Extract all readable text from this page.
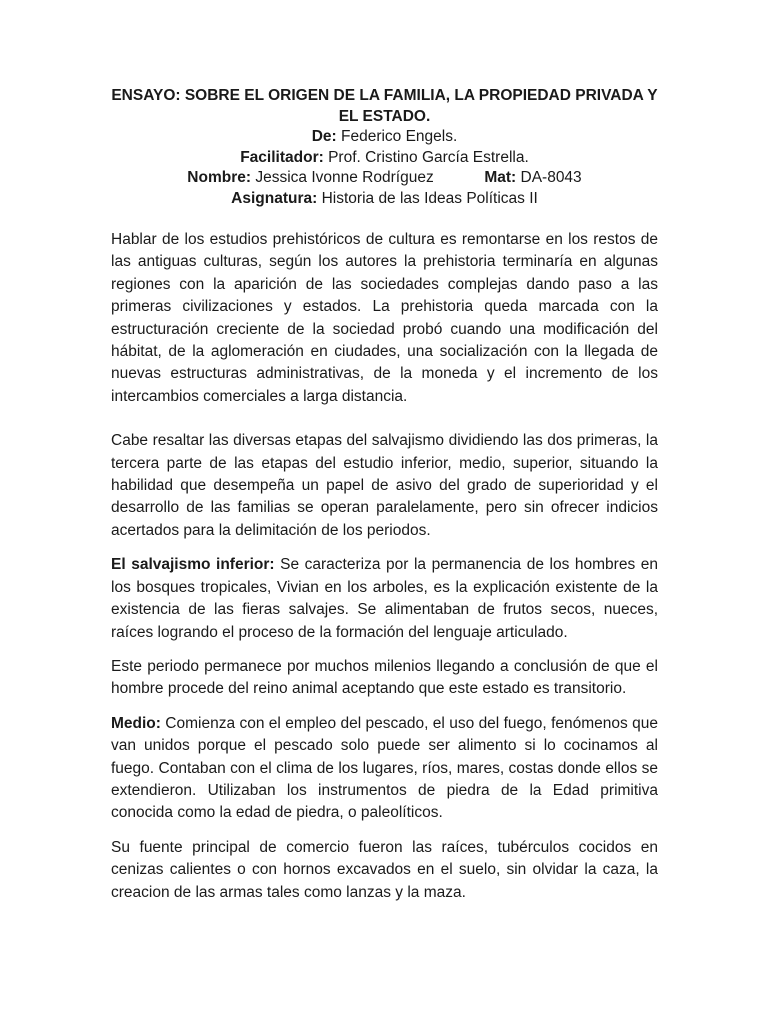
ENSAYO: SOBRE EL ORIGEN DE LA FAMILIA, LA PROPIEDAD PRIVADA Y EL ESTADO.

De: Federico Engels.

Facilitador: Prof. Cristino García Estrella.

Nombre: Jessica Ivonne Rodríguez	Mat: DA-8043

Asignatura: Historia de las Ideas Políticas II

Hablar de los estudios prehistóricos de cultura es remontarse en los restos de las antiguas culturas, según los autores la prehistoria terminaría en algunas regiones con la aparición de las sociedades complejas dando paso a las primeras civilizaciones y estados. La prehistoria queda marcada con la estructuración creciente de la sociedad probó cuando una modificación del hábitat, de la aglomeración en ciudades, una socialización con la llegada de nuevas estructuras administrativas, de la moneda y el incremento de los intercambios comerciales a larga distancia.

Cabe resaltar las diversas etapas del salvajismo dividiendo las dos primeras, la tercera parte de las etapas del estudio inferior, medio, superior, situando la habilidad que desempeña un papel de asivo del grado de superioridad y el desarrollo de las familias se operan paralelamente, pero sin ofrecer indicios acertados para la delimitación de los periodos.

El salvajismo inferior: Se caracteriza por la permanencia de los hombres en los bosques tropicales, Vivian en los arboles, es la explicación existente de la existencia de las fieras salvajes. Se alimentaban de frutos secos, nueces, raíces logrando el proceso de la formación del lenguaje articulado.

Este periodo permanece por muchos milenios llegando a conclusión de que el hombre procede del reino animal aceptando que este estado es transitorio.

Medio: Comienza con el empleo del pescado, el uso del fuego, fenómenos que van unidos porque el pescado solo puede ser alimento si lo cocinamos al fuego. Contaban con el clima de los lugares, ríos, mares, costas donde ellos se extendieron. Utilizaban los instrumentos de piedra de la Edad primitiva conocida como la edad de piedra, o paleolíticos.

Su fuente principal de comercio fueron las raíces, tubérculos cocidos en cenizas calientes o con hornos excavados en el suelo, sin olvidar la caza, la creacion de las armas tales como lanzas y la maza.
